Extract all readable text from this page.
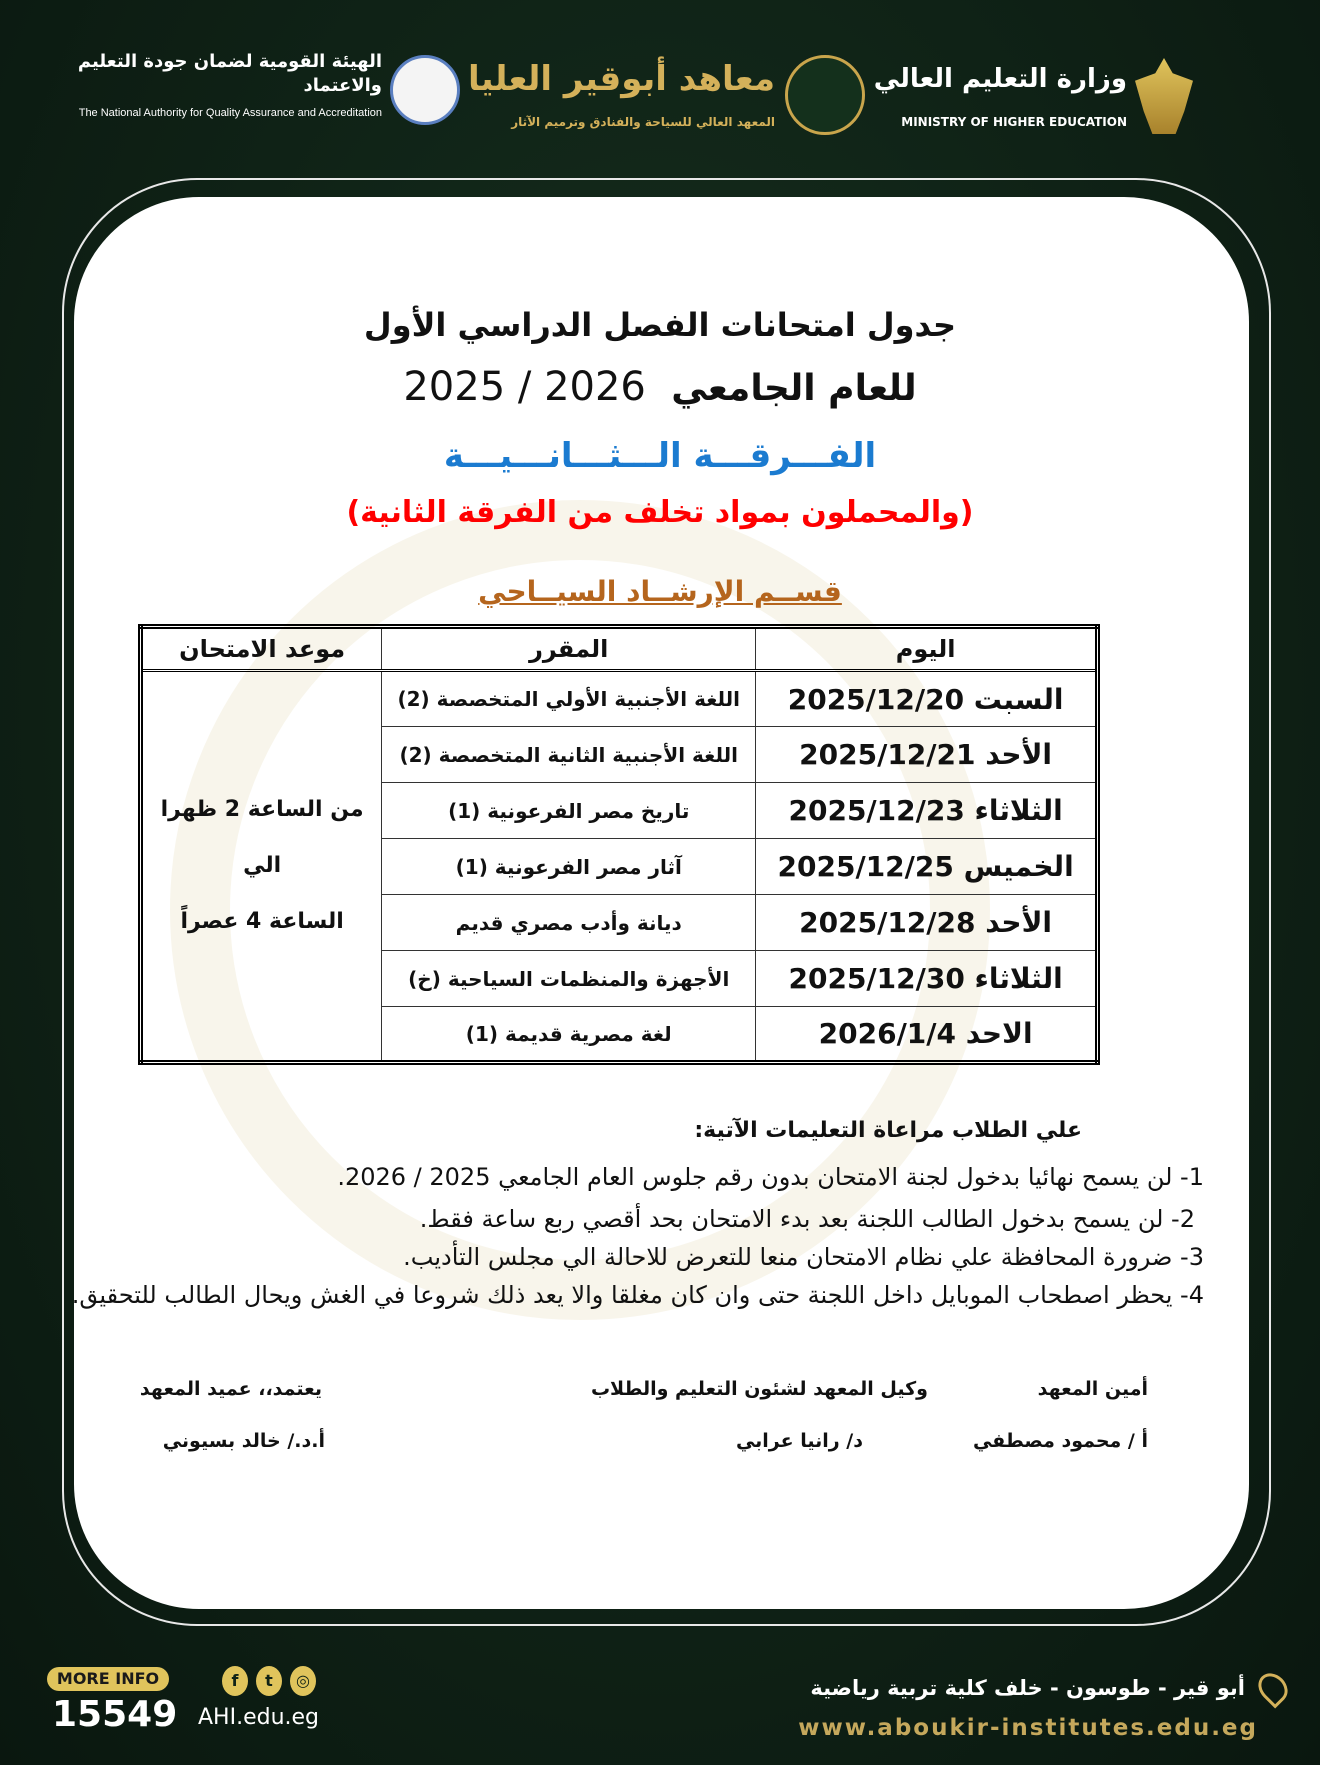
وزارة التعليم العالي
MINISTRY OF HIGHER EDUCATION
معاهد أبوقير العليا
المعهد العالي للسياحة والفنادق وترميم الآثار
الهيئة القومية لضمان جودة التعليم والاعتماد
The National Authority for Quality Assurance and Accreditation
جدول امتحانات الفصل الدراسي الأول
للعام الجامعي  2025 / 2026
الفـــرقـــة الـــثـــانـــيـــة
(والمحملون بمواد تخلف من الفرقة الثانية)
قســم الإرشــاد السيــاحي
اليوم	المقرر	موعد الامتحان
السبت 2025/12/20	اللغة الأجنبية الأولي المتخصصة (2)	من الساعة 2 ظهرا الي
الساعة 4 عصراً

الأحد 2025/12/21	اللغة الأجنبية الثانية المتخصصة (2)	
الثلاثاء 2025/12/23	تاريخ مصر الفرعونية (1)	
الخميس 2025/12/25	آثار مصر الفرعونية (1)	
الأحد 2025/12/28	ديانة وأدب مصري قديم	
الثلاثاء 2025/12/30	الأجهزة والمنظمات السياحية (خ)	
الاحد 2026/1/4	لغة مصرية قديمة (1)	
علي الطلاب مراعاة التعليمات الآتية:
1- لن يسمح نهائيا بدخول لجنة الامتحان بدون رقم جلوس العام الجامعي 2025 / 2026.
2- لن يسمح بدخول الطالب اللجنة بعد بدء الامتحان بحد أقصي ربع ساعة فقط.
3- ضرورة المحافظة علي نظام الامتحان منعا للتعرض للاحالة الي مجلس التأديب.
4- يحظر اصطحاب الموبايل داخل اللجنة حتى وان كان مغلقا والا يعد ذلك شروعا في الغش ويحال الطالب للتحقيق.
أمين المعهد
أ / محمود مصطفي
وكيل المعهد لشئون التعليم والطلاب
د/ رانيا عرابي
يعتمد،، عميد المعهد
أ.د./ خالد بسيوني
MORE INFO
15549
f	t	◎
AHI.edu.eg
أبو قير - طوسون - خلف كلية تربية رياضية
www.aboukir-institutes.edu.eg
